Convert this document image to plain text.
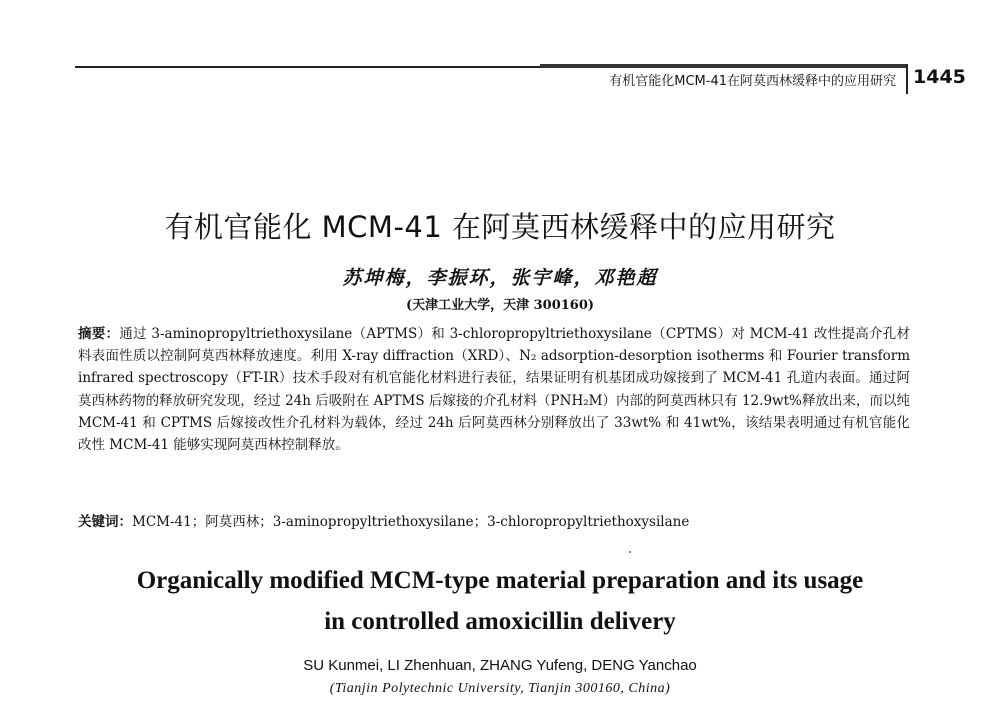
有机官能化MCM-41在阿莫西林缓释中的应用研究 1445
有机官能化 MCM-41 在阿莫西林缓释中的应用研究
苏坤梅，李振环，张宇峰，邓艳超
(天津工业大学，天津 300160)

摘要：通过 3-aminopropyltriethoxysilane（APTMS）和 3-chloropropyltriethoxysilane（CPTMS）对 MCM-41 改性提高介孔材料表面性质以控制阿莫西林释放速度。利用 X-ray diffraction（XRD）、N₂ adsorption-desorption isotherms 和 Fourier transform infrared spectroscopy（FT-IR）技术手段对有机官能化材料进行表征，结果证明有机基团成功嫁接到了 MCM-41 孔道内表面。通过阿莫西林药物的释放研究发现，经过 24h 后吸附在 APTMS 后嫁接的介孔材料（PNH₂M）内部的阿莫西林只有 12.9wt%释放出来，而以纯 MCM-41 和 CPTMS 后嫁接改性介孔材料为载体，经过 24h 后阿莫西林分别释放出了 33wt% 和 41wt%，该结果表明通过有机官能化改性 MCM-41 能够实现阿莫西林控制释放。

关键词：MCM-41；阿莫西林；3-aminopropyltriethoxysilane；3-chloropropyltriethoxysilane

Organically modified MCM-type material preparation and its usage
in controlled amoxicillin delivery
SU Kunmei, LI Zhenhuan, ZHANG Yufeng, DENG Yanchao
(Tianjin Polytechnic University, Tianjin 300160, China)
